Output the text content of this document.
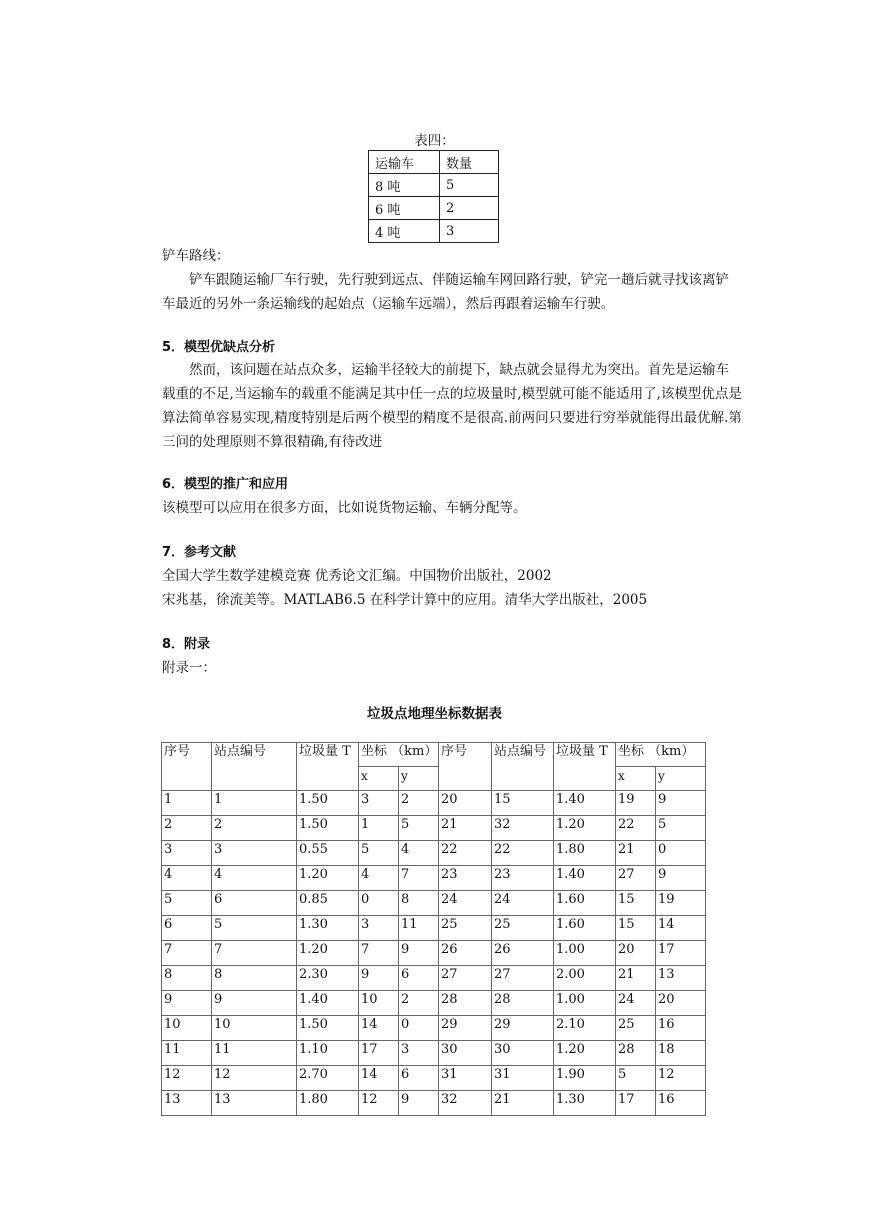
表四：
运输车	数量
8 吨	5
6 吨	2
4 吨	3
铲车路线：
铲车跟随运输厂车行驶，先行驶到远点、伴随运输车网回路行驶，铲完一趟后就寻找该离铲车最近的另外一条运输线的起始点（运输车远端），然后再跟着运输车行驶。
5．模型优缺点分析
然而，该问题在站点众多，运输半径较大的前提下，缺点就会显得尤为突出。首先是运输车载重的不足,当运输车的载重不能满足其中任一点的垃圾量时,模型就可能不能适用了,该模型优点是算法简单容易实现,精度特别是后两个模型的精度不是很高.前两问只要进行穷举就能得出最优解.第三问的处理原则不算很精确,有待改进
6．模型的推广和应用
该模型可以应用在很多方面，比如说货物运输、车辆分配等。
7．参考文献
全国大学生数学建模竞赛 优秀论文汇编。中国物价出版社，2002
宋兆基，徐流美等。MATLAB6.5 在科学计算中的应用。清华大学出版社，2005
8．附录
附录一：
垃圾点地理坐标数据表
序号	站点编号	垃圾量 T	坐标 （km）		序号	站点编号	垃圾量 T	坐标 （km）	
			x	y				x	y
1	1	1.50	3	2	20	15	1.40	19	9
2	2	1.50	1	5	21	32	1.20	22	5
3	3	0.55	5	4	22	22	1.80	21	0
4	4	1.20	4	7	23	23	1.40	27	9
5	6	0.85	0	8	24	24	1.60	15	19
6	5	1.30	3	11	25	25	1.60	15	14
7	7	1.20	7	9	26	26	1.00	20	17
8	8	2.30	9	6	27	27	2.00	21	13
9	9	1.40	10	2	28	28	1.00	24	20
10	10	1.50	14	0	29	29	2.10	25	16
11	11	1.10	17	3	30	30	1.20	28	18
12	12	2.70	14	6	31	31	1.90	5	12
13	13	1.80	12	9	32	21	1.30	17	16
